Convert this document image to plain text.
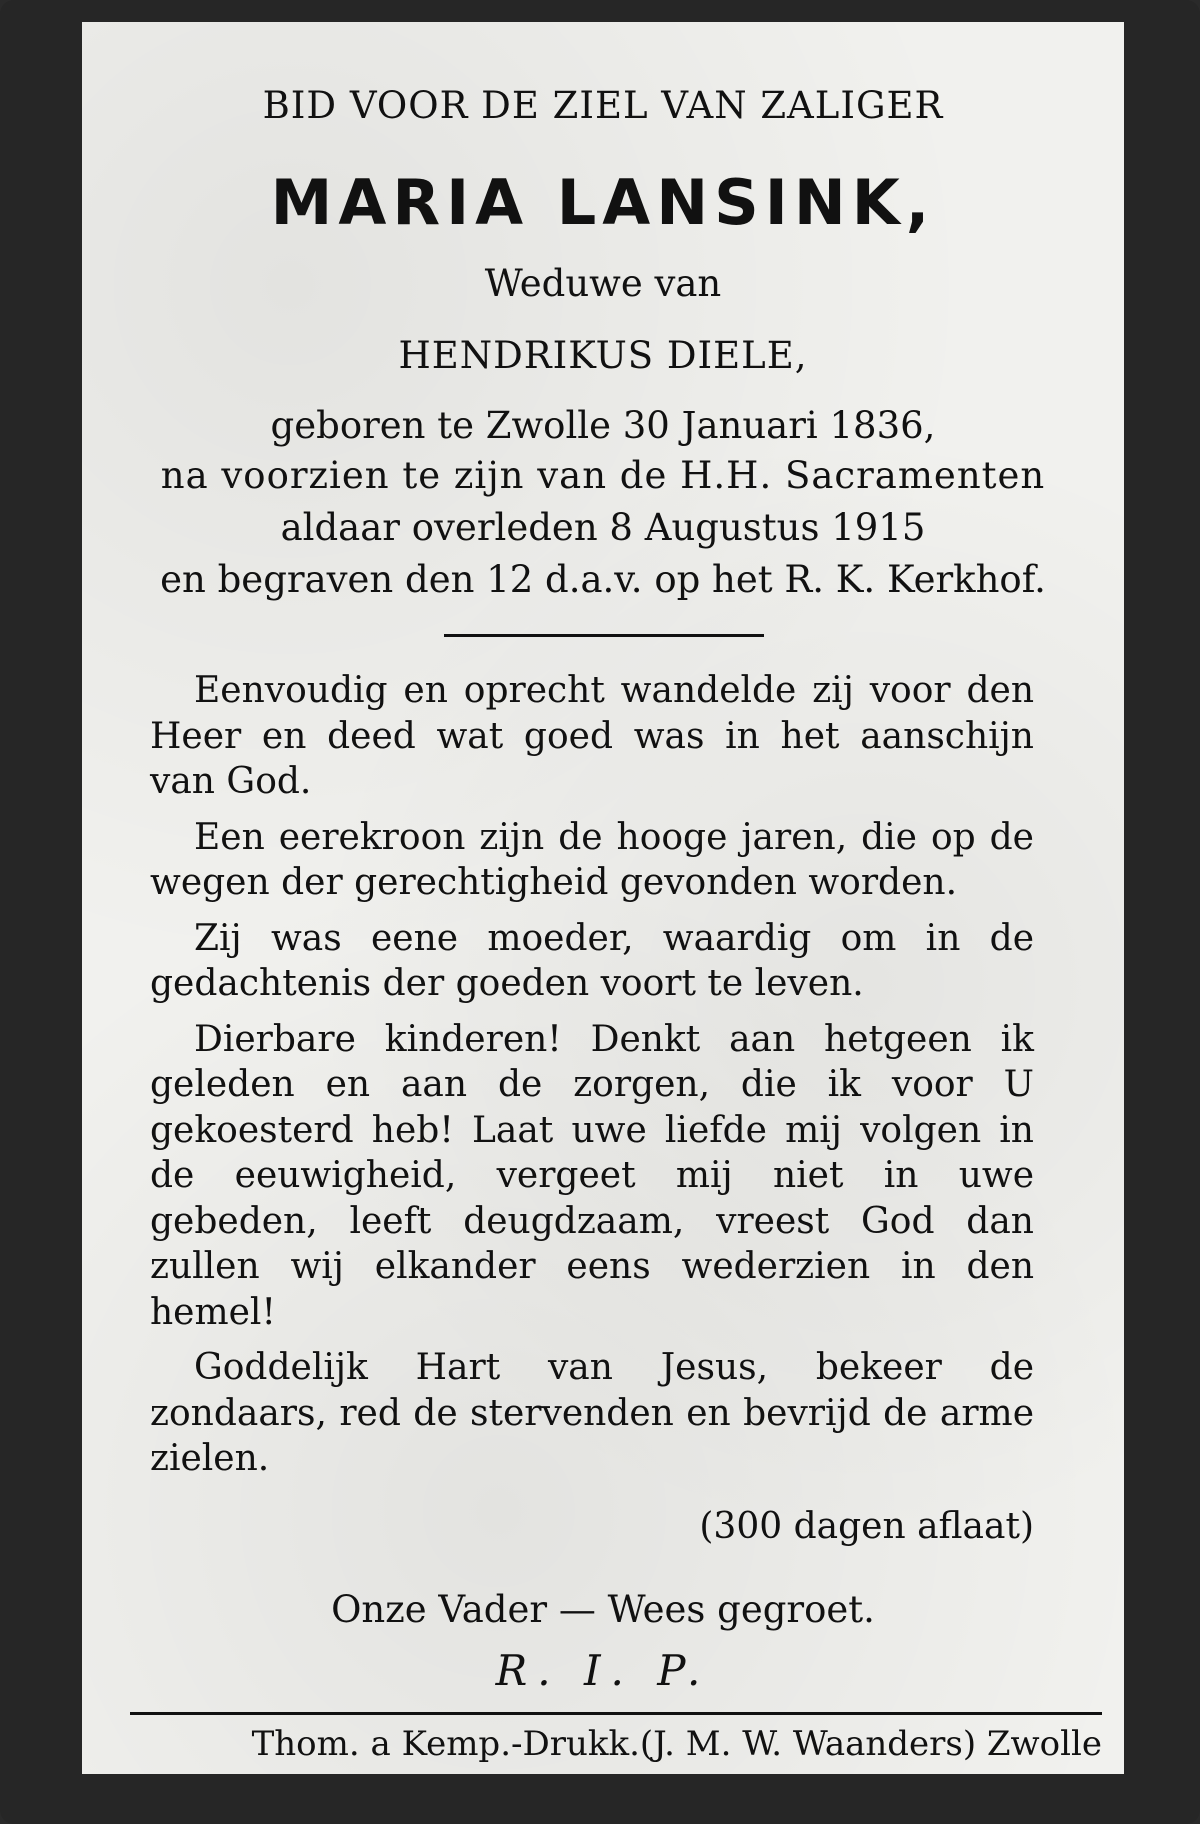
BID VOOR DE ZIEL VAN ZALIGER
MARIA LANSINK,
Weduwe van
HENDRIKUS DIELE,
geboren te Zwolle 30 Januari 1836,
na voorzien te zijn van de H.H. Sacramenten
aldaar overleden 8 Augustus 1915
en begraven den 12 d.a.v. op het R. K. Kerkhof.

Eenvoudig en oprecht wandelde zij voor den Heer en deed wat goed was in het aanschijn van God.

Een eerekroon zijn de hooge jaren, die op de wegen der gerechtigheid gevonden worden.

Zij was eene moeder, waardig om in de gedachtenis der goeden voort te leven.

Dierbare kinderen! Denkt aan hetgeen ik geleden en aan de zorgen, die ik voor U gekoesterd heb! Laat uwe liefde mij volgen in de eeuwigheid, vergeet mij niet in uwe gebeden, leeft deugdzaam, vreest God dan zullen wij elkander eens wederzien in den hemel!

Goddelijk Hart van Jesus, bekeer de zondaars, red de stervenden en bevrijd de arme zielen.

(300 dagen aflaat)
Onze Vader — Wees gegroet.
R. I. P.
Thom. a Kemp.-Drukk.(J. M. W. Waanders) Zwolle
